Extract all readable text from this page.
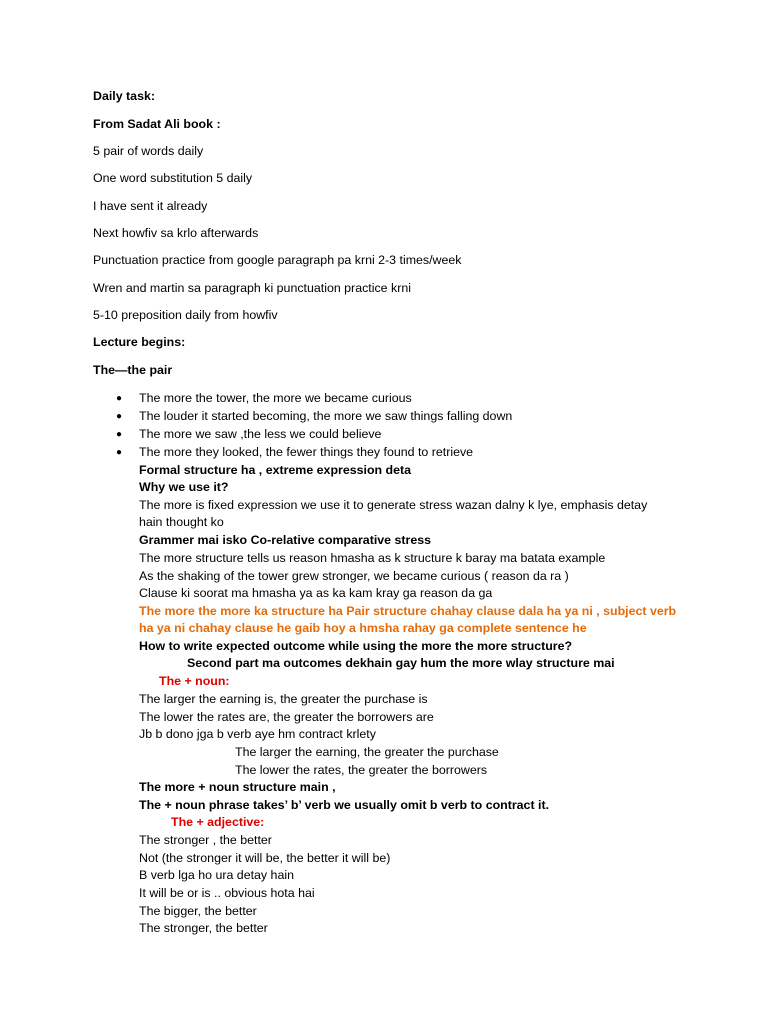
Daily task:
From Sadat Ali book :
5 pair of words daily
One word substitution 5 daily
I have sent it already
Next howfiv sa krlo afterwards
Punctuation practice from google paragraph pa krni 2-3 times/week
Wren and martin sa paragraph ki punctuation practice krni
5-10 preposition daily from howfiv
Lecture begins:
The—the pair
● The more the tower, the more we became curious
● The louder it started becoming, the more we saw things falling down
● The more we saw ,the less we could believe
● The more they looked, the fewer things they found to retrieve
Formal structure ha , extreme expression deta
Why we use it?
The more is fixed expression we use it to generate stress wazan dalny k lye, emphasis detay
hain thought ko
Grammer mai isko Co-relative comparative stress
The more structure tells us reason hmasha as k structure k baray ma batata example
As the shaking of the tower grew stronger, we became curious ( reason da ra )
Clause ki soorat ma hmasha ya as ka kam kray ga reason da ga
The more the more ka structure ha Pair structure chahay clause dala ha ya ni , subject verb
ha ya ni chahay clause he gaib hoy a hmsha rahay ga complete sentence he
How to write expected outcome while using the more the more structure?
Second part ma outcomes dekhain gay hum the more wlay structure mai
The + noun:
The larger the earning is, the greater the purchase is
The lower the rates are, the greater the borrowers are
Jb b dono jga b verb aye hm contract krlety
The larger the earning, the greater the purchase
The lower the rates, the greater the borrowers
The more + noun structure main ,
The + noun phrase takes’ b’ verb we usually omit b verb to contract it.
The + adjective:
The stronger , the better
Not (the stronger it will be, the better it will be)
B verb lga ho ura detay hain
It will be or is .. obvious hota hai
The bigger, the better
The stronger, the better
